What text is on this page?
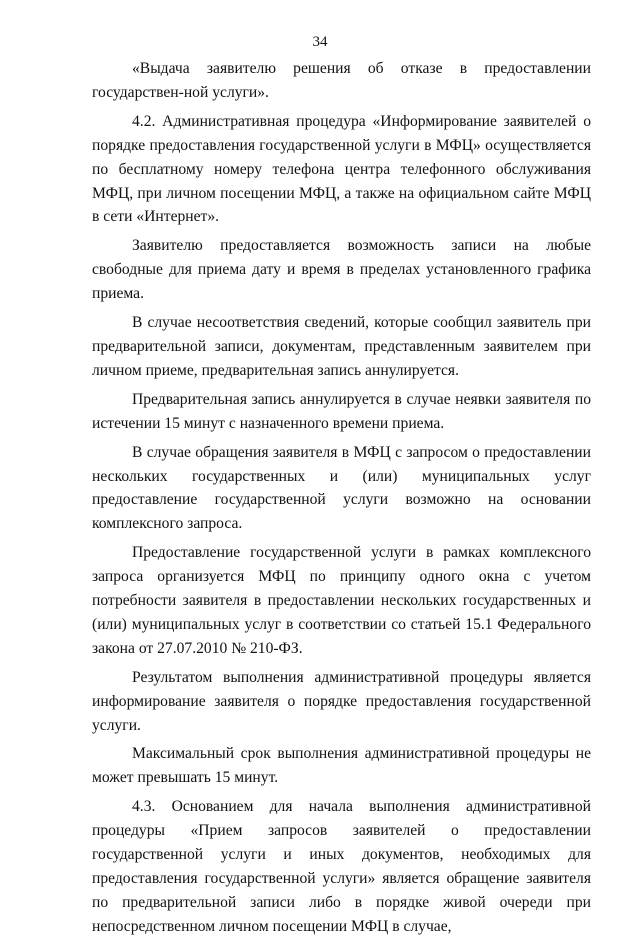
34

«Выдача заявителю решения об отказе в предоставлении государствен-ной услуги».

4.2. Административная процедура «Информирование заявителей о порядке предоставления государственной услуги в МФЦ» осуществляется по бесплатному номеру телефона центра телефонного обслуживания МФЦ, при личном посещении МФЦ, а также на официальном сайте МФЦ в сети «Интернет».

Заявителю предоставляется возможность записи на любые свободные для приема дату и время в пределах установленного графика приема.

В случае несоответствия сведений, которые сообщил заявитель при предварительной записи, документам, представленным заявителем при личном приеме, предварительная запись аннулируется.

Предварительная запись аннулируется в случае неявки заявителя по истечении 15 минут с назначенного времени приема.

В случае обращения заявителя в МФЦ с запросом о предоставлении нескольких государственных и (или) муниципальных услуг предоставление государственной услуги возможно на основании комплексного запроса.

Предоставление государственной услуги в рамках комплексного запроса организуется МФЦ по принципу одного окна с учетом потребности заявителя в предоставлении нескольких государственных и (или) муниципальных услуг в соответствии со статьей 15.1 Федерального закона от 27.07.2010 № 210-ФЗ.

Результатом выполнения административной процедуры является информирование заявителя о порядке предоставления государственной услуги.

Максимальный срок выполнения административной процедуры не может превышать 15 минут.

4.3. Основанием для начала выполнения административной процедуры «Прием запросов заявителей о предоставлении государственной услуги и иных документов, необходимых для предоставления государственной услуги» является обращение заявителя по предварительной записи либо в порядке живой очереди при непосредственном личном посещении МФЦ в случае,
